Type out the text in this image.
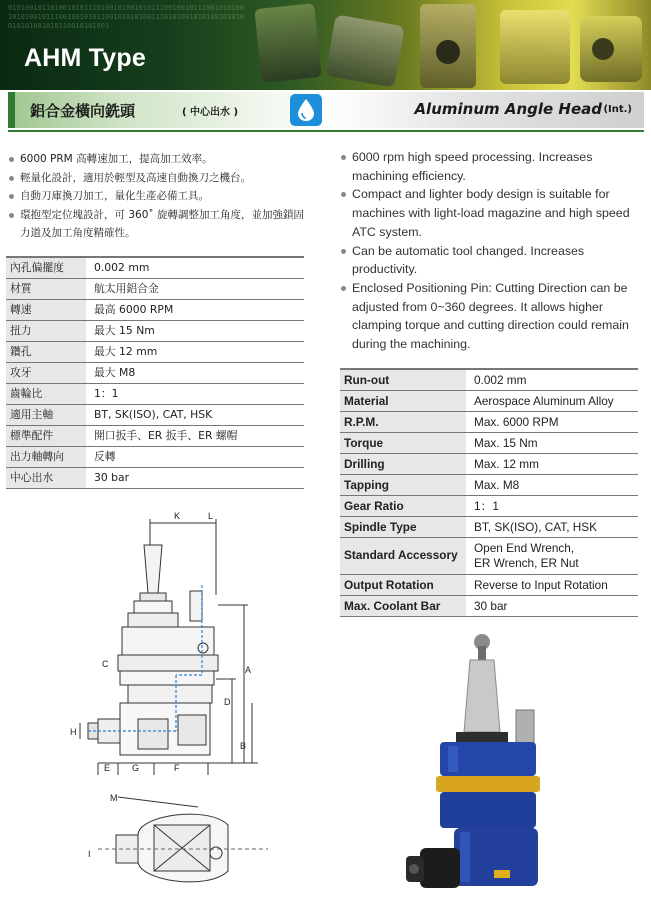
0101001011010010101110100101001010111001001011100101010010101001011100100101011001010101001110101001010100101010010101001010110010101001
AHM Type
鋁合金橫向銑頭	( 中心出水 )	Aluminum Angle Head (Int.)
6000 PRM 高轉速加工，提高加工效率。
輕量化設計，適用於輕型及高速自動換刀之機台。
自動刀庫換刀加工，量化生產必備工具。
環抱型定位塊設計，可 360˚ 旋轉調整加工角度，並加強鎖固力道及加工角度精確性。
6000 rpm high speed processing. Increases machining efficiency.
Compact and lighter body design is suitable for machines with light-load magazine and high speed ATC system.
Can be automatic tool changed. Increases productivity.
Enclosed Positioning Pin: Cutting Direction can be adjusted from 0~360 degrees. It allows higher clamping torque and cutting direction could remain during the machining.
內孔偏擺度	0.002 mm
材質	航太用鋁合金
轉速	最高 6000 RPM
扭力	最大 15 Nm
鑽孔	最大 12 mm
攻牙	最大 M8
齒輪比	1：1
適用主軸	BT, SK(ISO), CAT, HSK
標準配件	開口扳手、ER 扳手、ER 螺帽
出力軸轉向	反轉
中心出水	30 bar
Run-out	0.002 mm
Material	Aerospace Aluminum Alloy
R.P.M.	Max. 6000 RPM
Torque	Max. 15 Nm
Drilling	Max. 12 mm
Tapping	Max. M8
Gear Ratio	1：1
Spindle Type	BT, SK(ISO), CAT, HSK
Standard Accessory	Open End Wrench,
ER Wrench, ER Nut

Output Rotation	Reverse to Input Rotation
Max. Coolant Bar	30 bar
K	L
A
B
C
D
E	F
G
H
I
M
